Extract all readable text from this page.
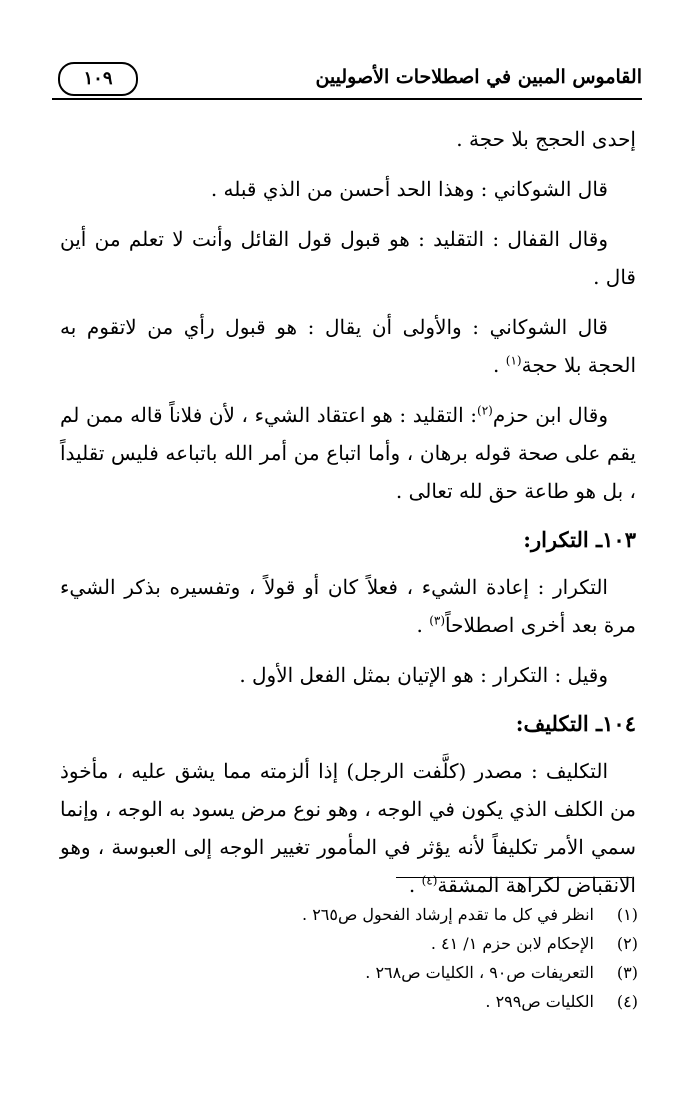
القاموس المبين في اصطلاحات الأصوليين
١٠٩

إحدى الحجج بلا حجة .

قال الشوكاني : وهذا الحد أحسن من الذي قبله .

وقال القفال : التقليد : هو قبول قول القائل وأنت لا تعلم من أين قال .

قال الشوكاني : والأولى أن يقال : هو قبول رأي من لاتقوم به الحجة بلا حجة$^{(١)}$ .

وقال ابن حزم$^{(٢)}$: التقليد : هو اعتقاد الشيء ، لأن فلاناً قاله ممن لم يقم على صحة قوله برهان ، وأما اتباع من أمر الله باتباعه فليس تقليداً ، بل هو طاعة حق لله تعالى .

١٠٣ـ التكرار:

التكرار : إعادة الشيء ، فعلاً كان أو قولاً ، وتفسيره بذكر الشيء مرة بعد أخرى اصطلاحاً$^{(٣)}$ .

وقيل : التكرار : هو الإتيان بمثل الفعل الأول .

١٠٤ـ التكليف:

التكليف : مصدر (كلَّفت الرجل) إذا ألزمته مما يشق عليه ، مأخوذ من الكلف الذي يكون في الوجه ، وهو نوع مرض يسود به الوجه ، وإنما سمي الأمر تكليفاً لأنه يؤثر في المأمور تغيير الوجه إلى العبوسة ، وهو الانقباض لكراهة المشقة$^{(٤)}$ .

(١)انظر في كل ما تقدم إرشاد الفحول ص٢٦٥ .
(٢)الإحكام لابن حزم ١/ ٤١ .
(٣)التعريفات ص٩٠ ، الكليات ص٢٦٨ .
(٤)الكليات ص٢٩٩ .
